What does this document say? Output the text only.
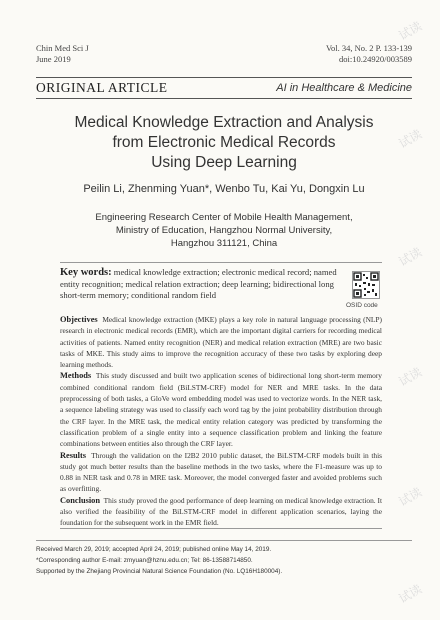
Chin Med Sci J
June 2019
Vol. 34, No. 2 P. 133-139
doi:10.24920/003589
ORIGINAL ARTICLE	AI in Healthcare & Medicine
Medical Knowledge Extraction and Analysis
from Electronic Medical Records
Using Deep Learning
Peilin Li, Zhenming Yuan*, Wenbo Tu, Kai Yu, Dongxin Lu
Engineering Research Center of Mobile Health Management,
Ministry of Education, Hangzhou Normal University,
Hangzhou 311121, China
Key words: medical knowledge extraction; electronic medical record; named entity recognition; medical relation extraction; deep learning; bidirectional long short-term memory; conditional random field
OSID code

Objectives Medical knowledge extraction (MKE) plays a key role in natural language processing (NLP) research in electronic medical records (EMR), which are the important digital carriers for recording medical activities of patients. Named entity recognition (NER) and medical relation extraction (MRE) are two basic tasks of MKE. This study aims to improve the recognition accuracy of these two tasks by exploring deep learning methods.

Methods This study discussed and built two application scenes of bidirectional long short-term memory combined conditional random field (BiLSTM-CRF) model for NER and MRE tasks. In the data preprocessing of both tasks, a GloVe word embedding model was used to vectorize words. In the NER task, a sequence labeling strategy was used to classify each word tag by the joint probability distribution through the CRF layer. In the MRE task, the medical entity relation category was predicted by transforming the classification problem of a single entity into a sequence classification problem and linking the feature combinations between entities also through the CRF layer.

Results Through the validation on the I2B2 2010 public dataset, the BiLSTM-CRF models built in this study got much better results than the baseline methods in the two tasks, where the F1-measure was up to 0.88 in NER task and 0.78 in MRE task. Moreover, the model converged faster and avoided problems such as overfitting.

Conclusion This study proved the good performance of deep learning on medical knowledge extraction. It also verified the feasibility of the BiLSTM-CRF model in different application scenarios, laying the foundation for the subsequent work in the EMR field.

Received March 29, 2019; accepted April 24, 2019; published online May 14, 2019.
*Corresponding author E-mail: zmyuan@hznu.edu.cn; Tel: 86-13588714850.
Supported by the Zhejiang Provincial Natural Science Foundation (No. LQ16H180004).
试读
试读
试读
试读
试读
试读
